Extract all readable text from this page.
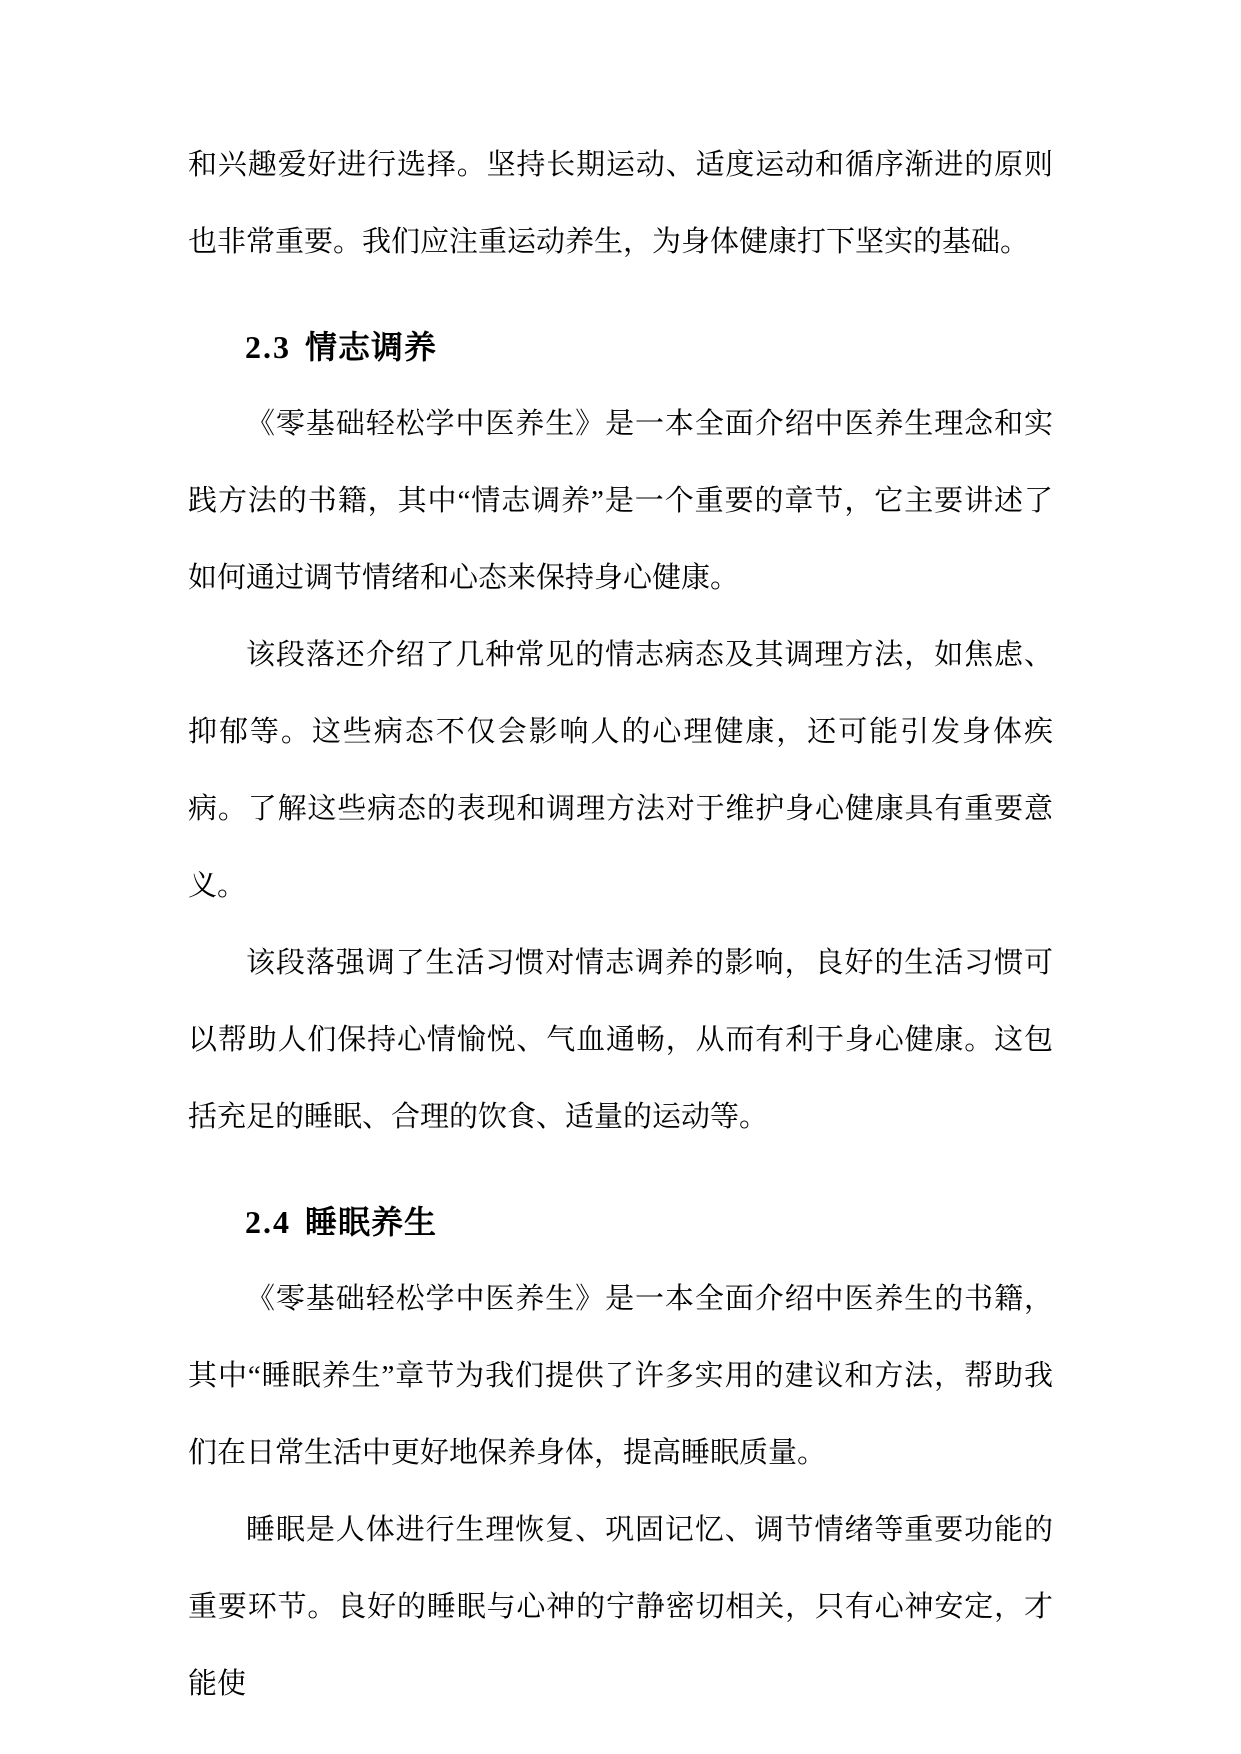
和兴趣爱好进行选择。坚持长期运动、适度运动和循序渐进的原则也非常重要。我们应注重运动养生，为身体健康打下坚实的基础。

2.3 情志调养

《零基础轻松学中医养生》是一本全面介绍中医养生理念和实践方法的书籍，其中“情志调养”是一个重要的章节，它主要讲述了如何通过调节情绪和心态来保持身心健康。

该段落还介绍了几种常见的情志病态及其调理方法，如焦虑、抑郁等。这些病态不仅会影响人的心理健康，还可能引发身体疾病。了解这些病态的表现和调理方法对于维护身心健康具有重要意义。

该段落强调了生活习惯对情志调养的影响，良好的生活习惯可以帮助人们保持心情愉悦、气血通畅，从而有利于身心健康。这包括充足的睡眠、合理的饮食、适量的运动等。

2.4 睡眠养生

《零基础轻松学中医养生》是一本全面介绍中医养生的书籍，其中“睡眠养生”章节为我们提供了许多实用的建议和方法，帮助我们在日常生活中更好地保养身体，提高睡眠质量。

睡眠是人体进行生理恢复、巩固记忆、调节情绪等重要功能的重要环节。良好的睡眠与心神的宁静密切相关，只有心神安定，才能使
